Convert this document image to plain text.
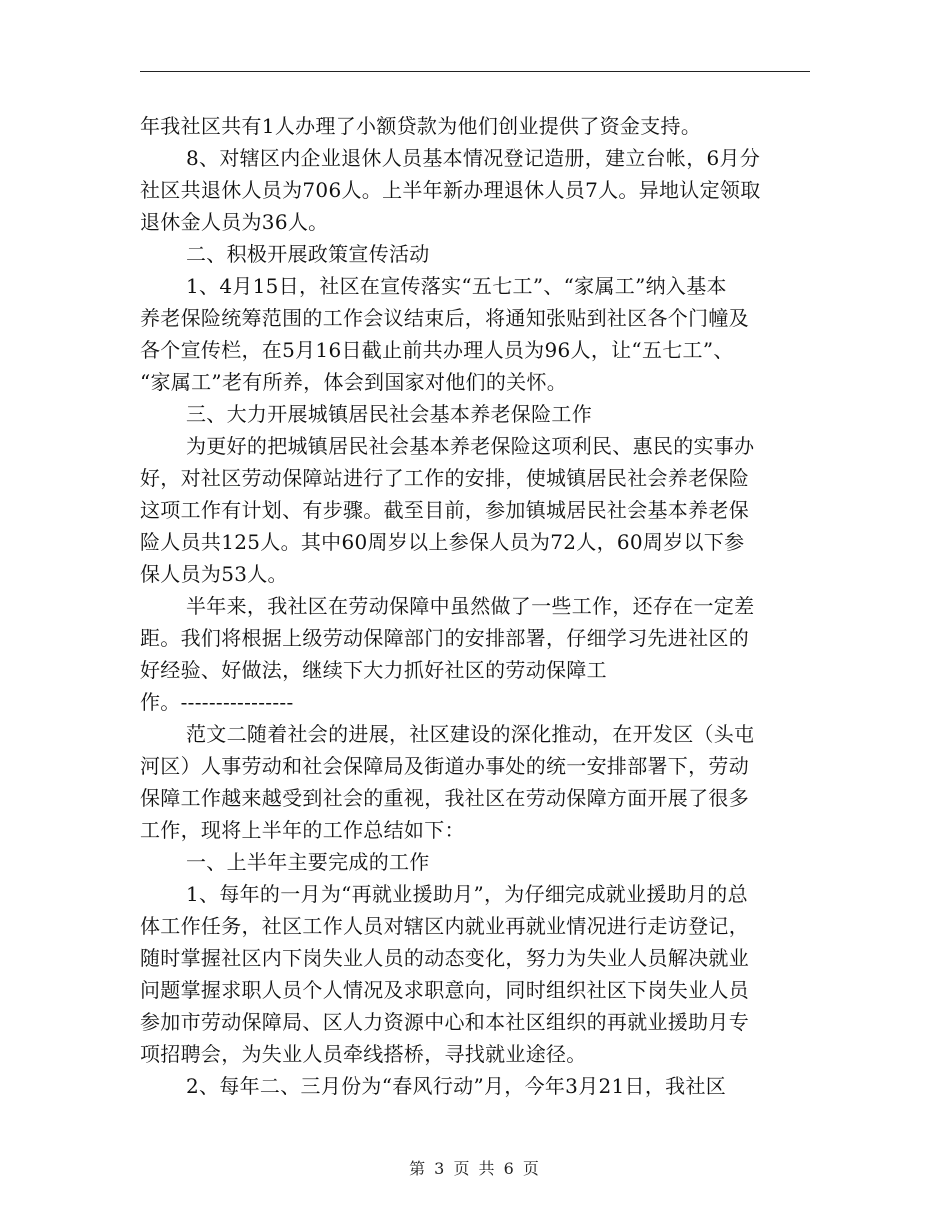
年我社区共有1人办理了小额贷款为他们创业提供了资金支持。
8、对辖区内企业退休人员基本情况登记造册，建立台帐，6月分
社区共退休人员为706人。上半年新办理退休人员7人。异地认定领取
退休金人员为36人。
二、积极开展政策宣传活动
1、4月15日，社区在宣传落实“五七工”、“家属工”纳入基本
养老保险统筹范围的工作会议结束后，将通知张贴到社区各个门幢及
各个宣传栏，在5月16日截止前共办理人员为96人，让“五七工”、
“家属工”老有所养，体会到国家对他们的关怀。
三、大力开展城镇居民社会基本养老保险工作
为更好的把城镇居民社会基本养老保险这项利民、惠民的实事办
好，对社区劳动保障站进行了工作的安排，使城镇居民社会养老保险
这项工作有计划、有步骤。截至目前，参加镇城居民社会基本养老保
险人员共125人。其中60周岁以上参保人员为72人，60周岁以下参
保人员为53人。
半年来，我社区在劳动保障中虽然做了一些工作，还存在一定差
距。我们将根据上级劳动保障部门的安排部署，仔细学习先进社区的
好经验、好做法，继续下大力抓好社区的劳动保障工
作。----------------
范文二随着社会的进展，社区建设的深化推动，在开发区（头屯
河区）人事劳动和社会保障局及街道办事处的统一安排部署下，劳动
保障工作越来越受到社会的重视，我社区在劳动保障方面开展了很多
工作，现将上半年的工作总结如下：
一、上半年主要完成的工作
1、每年的一月为“再就业援助月”，为仔细完成就业援助月的总
体工作任务，社区工作人员对辖区内就业再就业情况进行走访登记，
随时掌握社区内下岗失业人员的动态变化，努力为失业人员解决就业
问题掌握求职人员个人情况及求职意向，同时组织社区下岗失业人员
参加市劳动保障局、区人力资源中心和本社区组织的再就业援助月专
项招聘会，为失业人员牵线搭桥，寻找就业途径。
2、每年二、三月份为“春风行动”月，今年3月21日，我社区
第 3 页 共 6 页
